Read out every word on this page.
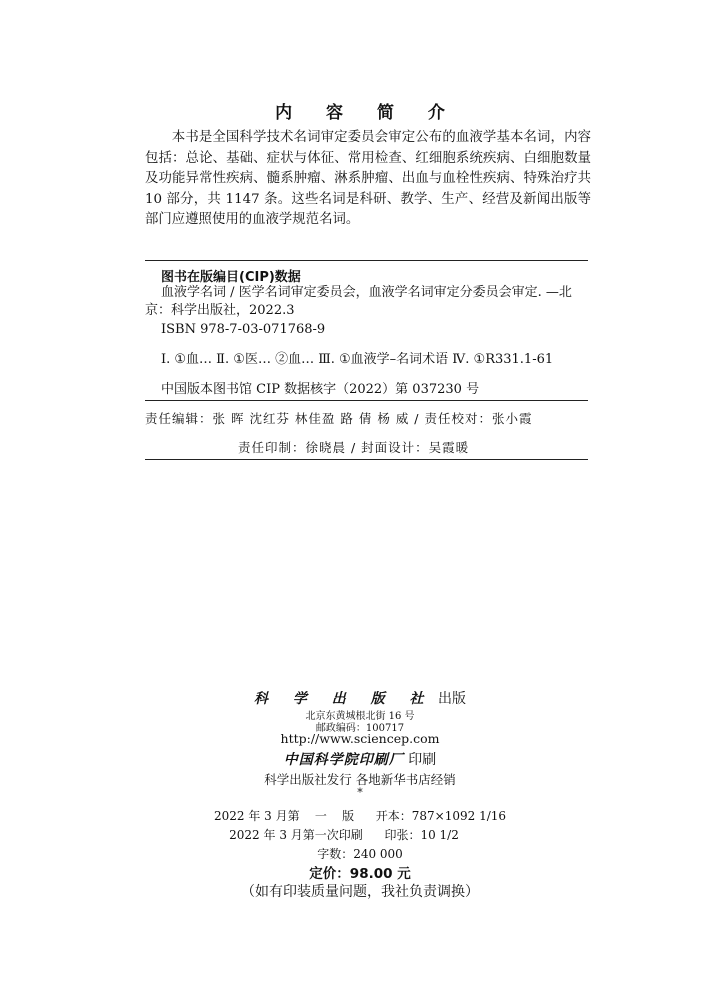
内 容 简 介

本书是全国科学技术名词审定委员会审定公布的血液学基本名词，内容包括：总论、基础、症状与体征、常用检查、红细胞系统疾病、白细胞数量及功能异常性疾病、髓系肿瘤、淋系肿瘤、出血与血栓性疾病、特殊治疗共 10 部分，共 1147 条。这些名词是科研、教学、生产、经营及新闻出版等部门应遵照使用的血液学规范名词。

图书在版编目(CIP)数据
血液学名词 / 医学名词审定委员会，血液学名词审定分委员会审定. —北京：科学出版社，2022.3
ISBN 978-7-03-071768-9
Ⅰ. ①血… Ⅱ. ①医… ②血… Ⅲ. ①血液学–名词术语 Ⅳ. ①R331.1-61
中国版本图书馆 CIP 数据核字（2022）第 037230 号
责任编辑：张 晖 沈红芬 林佳盈 路 倩 杨 威 / 责任校对：张小霞
责任印制：徐晓晨 / 封面设计：吴霞暖
科 学 出 版 社 出版
北京东黄城根北街 16 号
邮政编码：100717
http://www.sciencep.com
中国科学院印刷厂 印刷
科学出版社发行 各地新华书店经销
*
2022 年 3 月第    一    版 开本：787×1092 1/16
2022 年 3 月第一次印刷 印张：10 1/2
字数：240 000
定价：98.00 元
（如有印装质量问题，我社负责调换）
